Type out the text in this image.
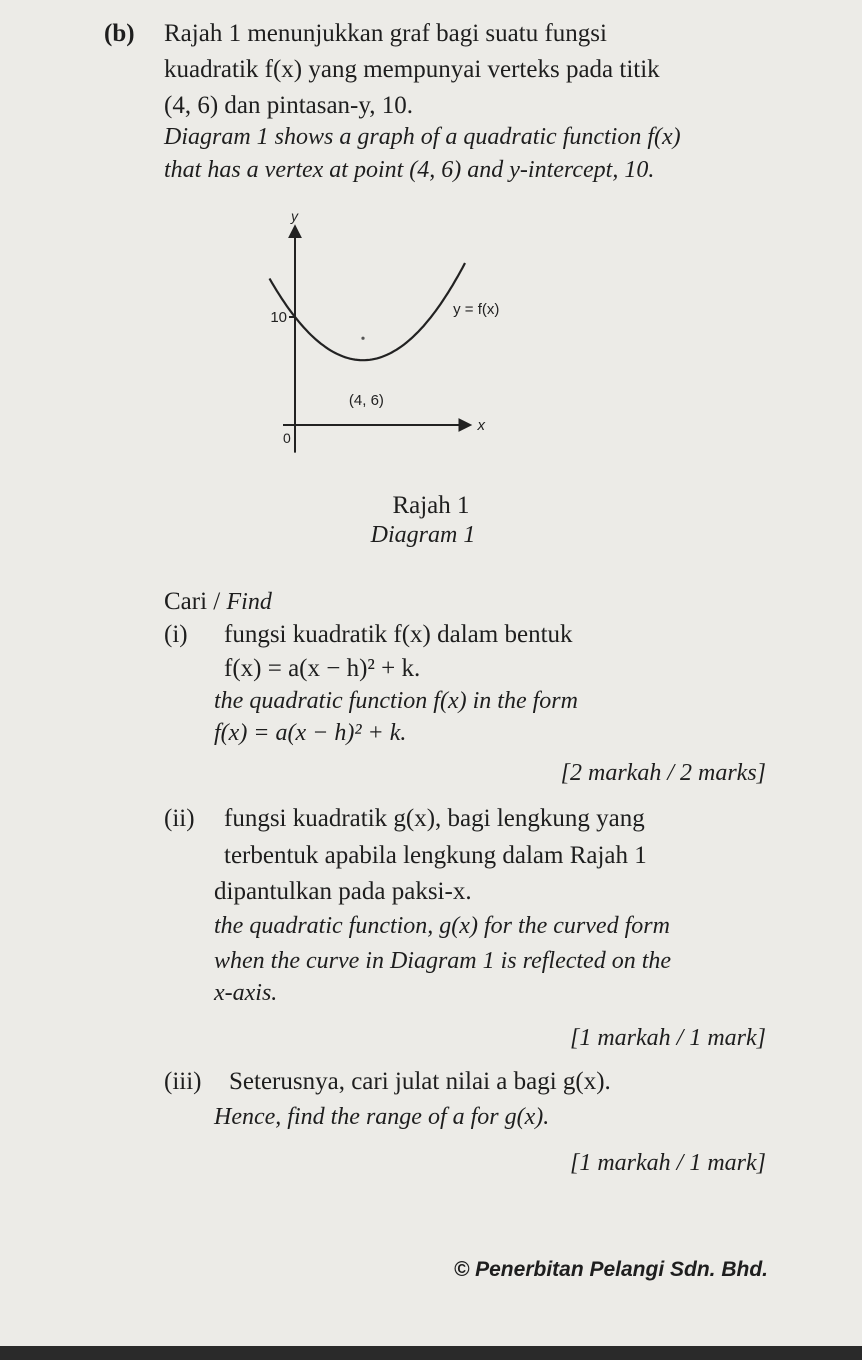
(b) Rajah 1 menunjukkan graf bagi suatu fungsi
kuadratik f(x) yang mempunyai verteks pada titik
(4, 6) dan pintasan-y, 10.
Diagram 1 shows a graph of a quadratic function f(x)
that has a vertex at point (4, 6) and y-intercept, 10.
y
x
0
10	y = f(x)
(4, 6)
Rajah 1
Diagram 1
Cari / Find
(i) fungsi kuadratik f(x) dalam bentuk
f(x) = a(x − h)² + k.
the quadratic function f(x) in the form
f(x) = a(x − h)² + k.
[2 markah / 2 marks]
(ii) fungsi kuadratik g(x), bagi lengkung yang
terbentuk apabila lengkung dalam Rajah 1
dipantulkan pada paksi-x.
the quadratic function, g(x) for the curved form
when the curve in Diagram 1 is reflected on the
x-axis.
[1 markah / 1 mark]
(iii) Seterusnya, cari julat nilai a bagi g(x).
Hence, find the range of a for g(x).
[1 markah / 1 mark]
© Penerbitan Pelangi Sdn. Bhd.
